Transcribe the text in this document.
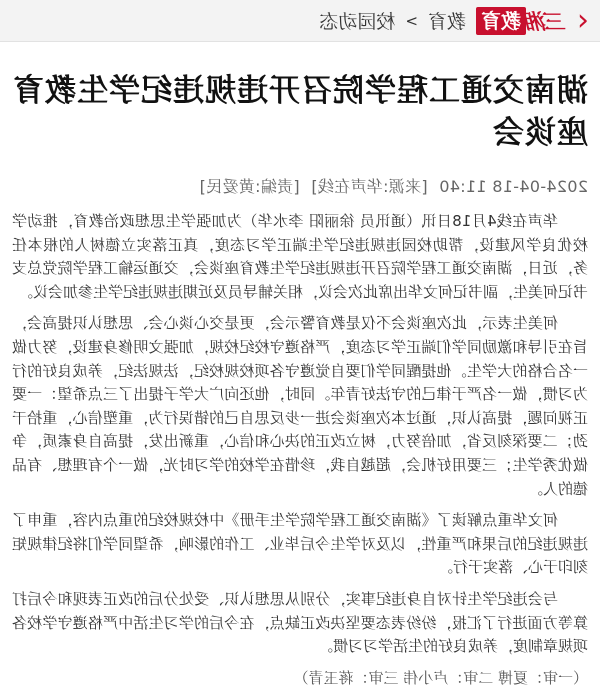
‹
三湘
教育
教育
>
校园动态
湖南交通工程学院召开违规违纪学生教育座谈会
2024-04-18 11:40 [来源:华声在线] [责编:黄爱民]

华声在线4月18日讯（通讯员 徐丽阳 李水华）为加强学生思想政治教育，推动学校优良学风建设，帮助校园违规违纪学生端正学习态度，真正落实立德树人的根本任务，近日，湖南交通工程学院召开违规违纪学生教育座谈会，交通运输工程学院党总支书记何美生，副书记何文华出席此次会议，相关辅导员及近期违规违纪学生参加会议。

何美生表示，此次座谈会不仅是教育警示会，更是交心谈心会、思想认识提高会，旨在引导和激励同学们端正学习态度，严格遵守校纪校规，加强文明修身建设，努力做一名合格的大学生。他提醒同学们要自觉遵守各项校规校纪，法规法纪，养成良好的行为习惯，做一名严于律己的守法好青年。同时，他还向广大学子提出了三点希望：一要正视问题，提高认识，通过本次座谈会进一步反思自己的错误行为，重塑信心，重拾干劲；二要深刻反省，加倍努力，树立改正的决心和信心，重新出发，提高自身素质，争做优秀学生；三要用好机会，超越自我，珍惜在学校的学习时光，做一个有理想、有品德的人。

何文华重点解读了《湖南交通工程学院学生手册》中校规校纪的重点内容，重申了违规违纪的后果和严重性，以及对学生今后毕业、工作的影响，希望同学们将纪律规矩刻印于心、落实于行。

与会违纪学生针对自身违纪事实，分别从思想认识、受处分后的改正表现和今后打算等方面进行了汇报，纷纷表态要坚决改正缺点，在今后的学习生活中严格遵守学校各项规章制度，养成良好的生活学习习惯。

（一审：夏博 二审：卢小伟 三审：蒋玉青）
